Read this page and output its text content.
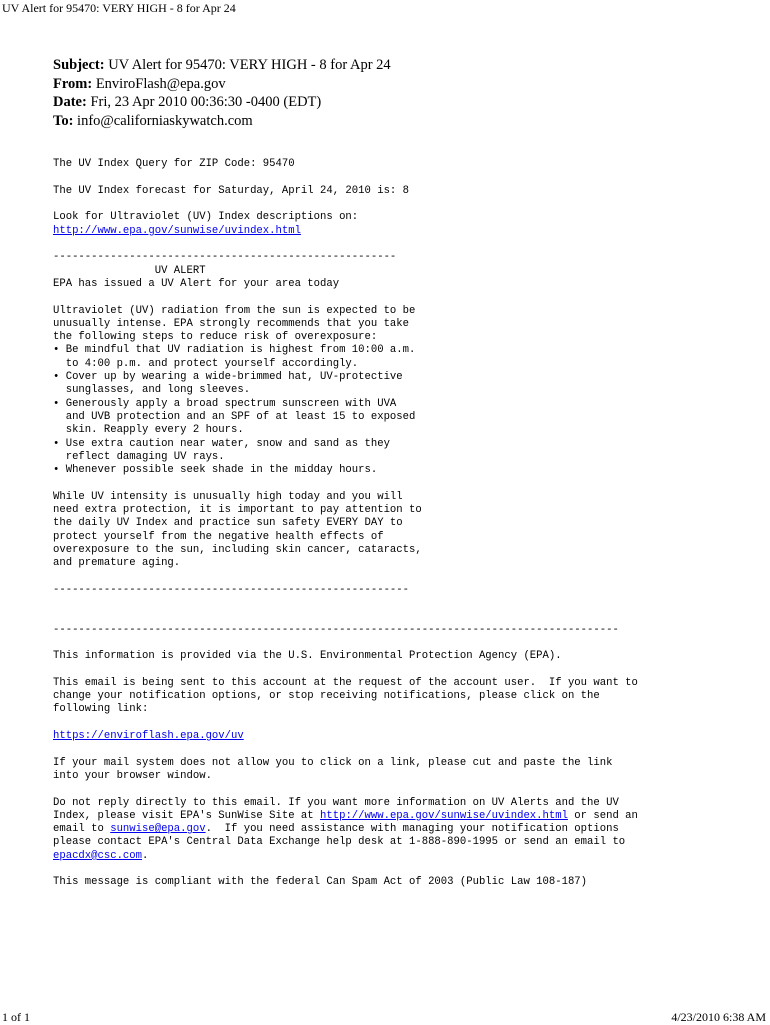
UV Alert for 95470: VERY HIGH - 8 for Apr 24
Subject: UV Alert for 95470: VERY HIGH - 8 for Apr 24
From: EnviroFlash@epa.gov
Date: Fri, 23 Apr 2010 00:36:30 -0400 (EDT)
To: info@californiaskywatch.com

The UV Index Query for ZIP Code: 95470
The UV Index forecast for Saturday, April 24, 2010 is: 8
Look for Ultraviolet (UV) Index descriptions on:
http://www.epa.gov/sunwise/uvindex.html
------------------------------------------------------
UV ALERT
EPA has issued a UV Alert for your area today
Ultraviolet (UV) radiation from the sun is expected to be
unusually intense. EPA strongly recommends that you take
the following steps to reduce risk of overexposure:
• Be mindful that UV radiation is highest from 10:00 a.m.
to 4:00 p.m. and protect yourself accordingly.
• Cover up by wearing a wide-brimmed hat, UV-protective
sunglasses, and long sleeves.
• Generously apply a broad spectrum sunscreen with UVA
and UVB protection and an SPF of at least 15 to exposed
skin. Reapply every 2 hours.
• Use extra caution near water, snow and sand as they
reflect damaging UV rays.
• Whenever possible seek shade in the midday hours.
While UV intensity is unusually high today and you will
need extra protection, it is important to pay attention to
the daily UV Index and practice sun safety EVERY DAY to
protect yourself from the negative health effects of
overexposure to the sun, including skin cancer, cataracts,
and premature aging.
--------------------------------------------------------
-----------------------------------------------------------------------------------------
This information is provided via the U.S. Environmental Protection Agency (EPA).
This email is being sent to this account at the request of the account user.  If you want to
change your notification options, or stop receiving notifications, please click on the
following link:
https://enviroflash.epa.gov/uv
If your mail system does not allow you to click on a link, please cut and paste the link
into your browser window.
Do not reply directly to this email. If you want more information on UV Alerts and the UV
Index, please visit EPA's SunWise Site at http://www.epa.gov/sunwise/uvindex.html or send an
email to sunwise@epa.gov.  If you need assistance with managing your notification options
please contact EPA's Central Data Exchange help desk at 1-888-890-1995 or send an email to
epacdx@csc.com.
This message is compliant with the federal Can Spam Act of 2003 (Public Law 108-187)

1 of 1	4/23/2010 6:38 AM
